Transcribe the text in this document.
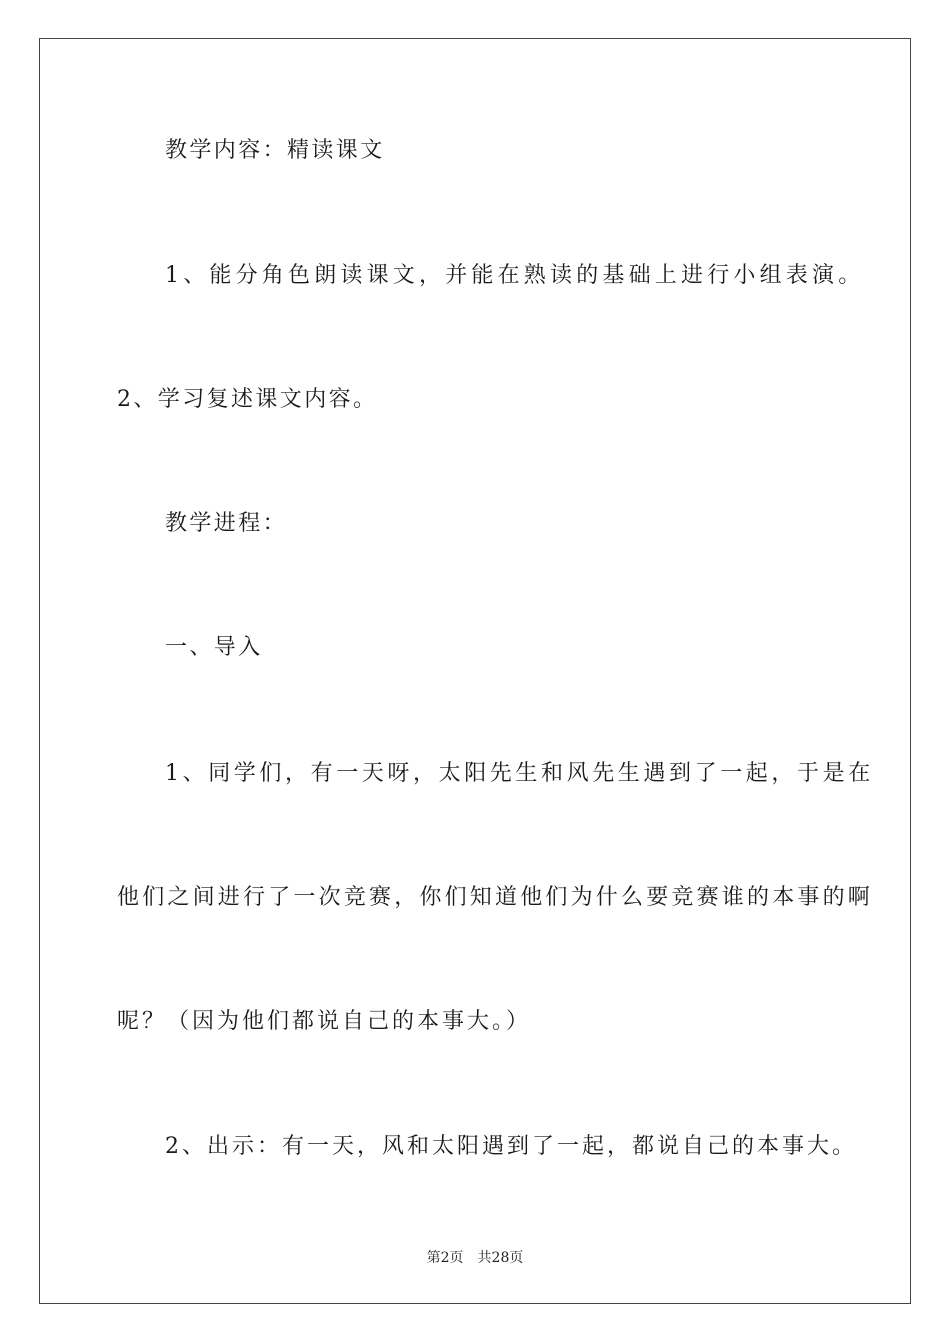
教学内容：精读课文
1、能分角色朗读课文，并能在熟读的基础上进行小组表演。
2、学习复述课文内容。
教学进程：
一、导入
1、同学们，有一天呀，太阳先生和风先生遇到了一起，于是在
他们之间进行了一次竞赛，你们知道他们为什么要竞赛谁的本事的啊
呢？（因为他们都说自己的本事大。）
2、出示：有一天，风和太阳遇到了一起，都说自己的本事大。
第2页 共28页
